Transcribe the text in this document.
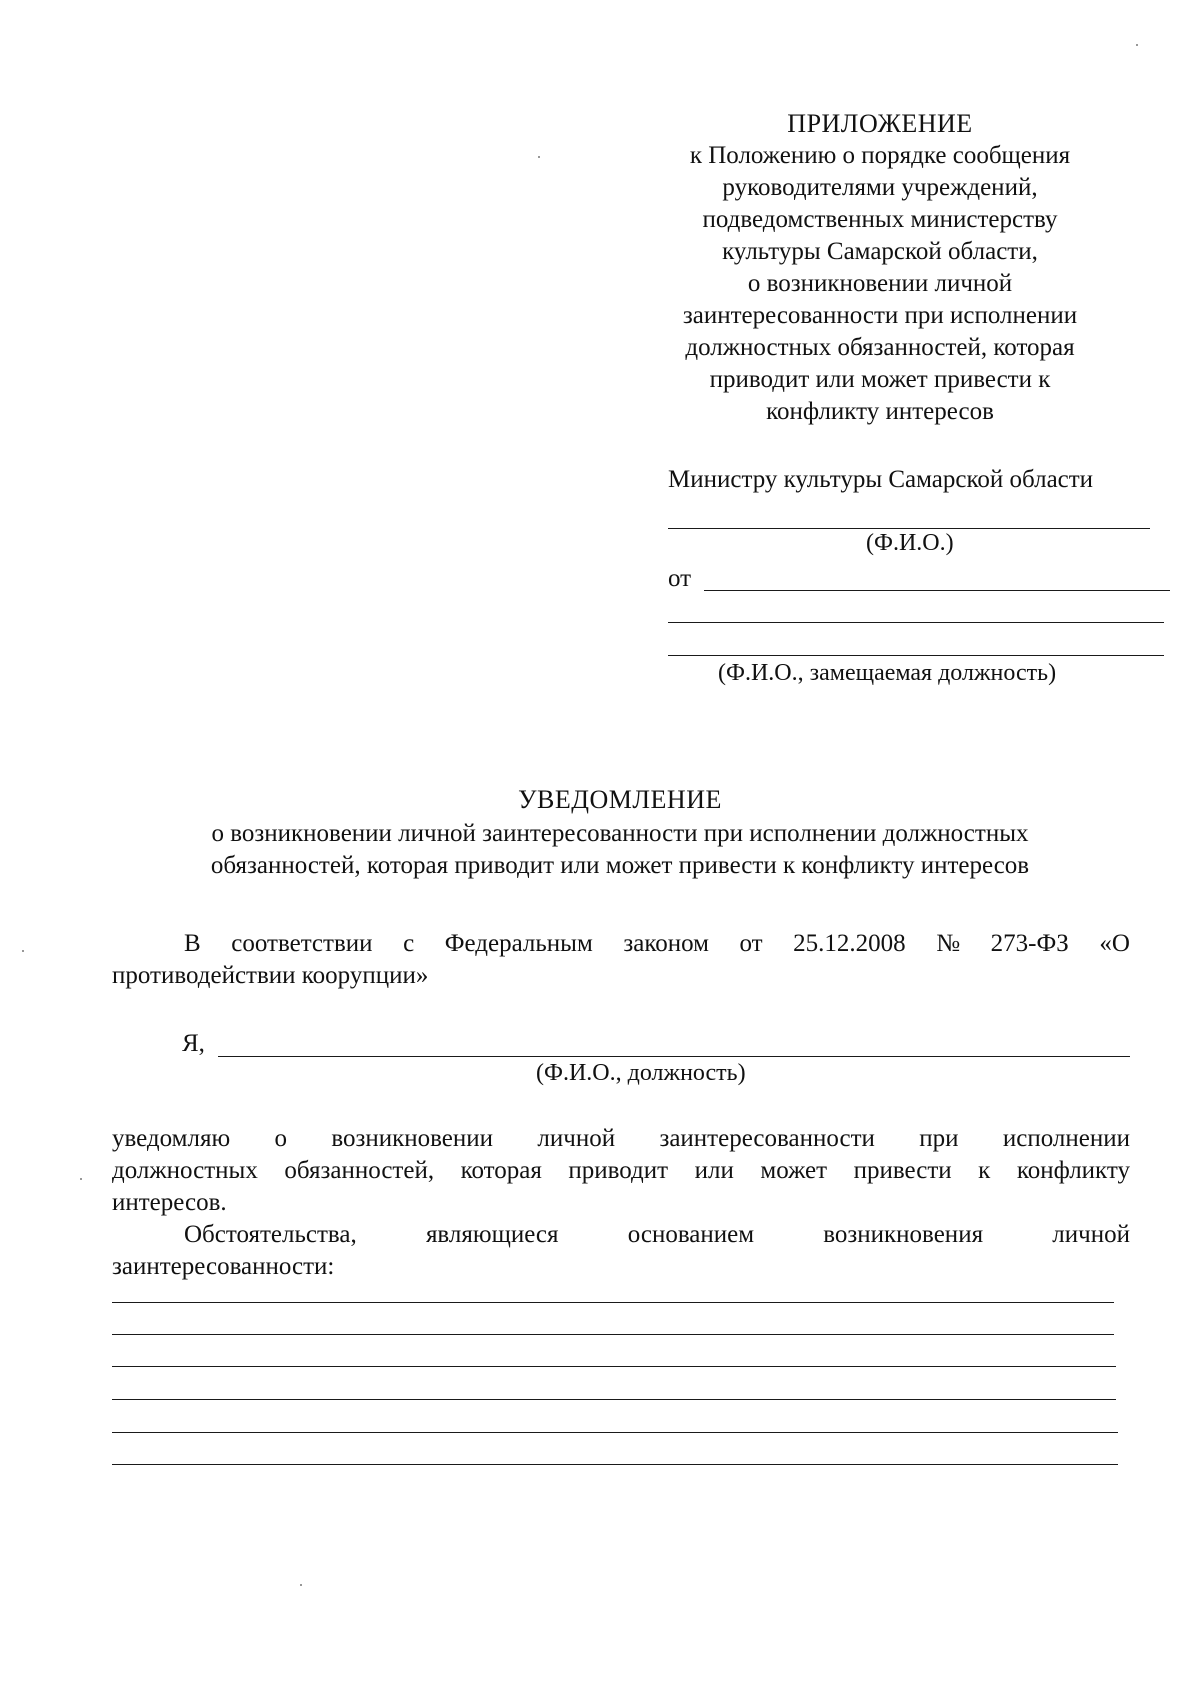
ПРИЛОЖЕНИЕ
к Положению о порядке сообщения
руководителями учреждений,
подведомственных министерству
культуры Самарской области,
о возникновении личной
заинтересованности при исполнении
должностных обязанностей, которая
приводит или может привести к
конфликту интересов
Министру культуры Самарской области
(Ф.И.О.)
от
(Ф.И.О., замещаемая должность)
УВЕДОМЛЕНИЕ
о возникновении личной заинтересованности при исполнении должностных
обязанностей, которая приводит или может привести к конфликту интересов
В соответствии с Федеральным законом от 25.12.2008 № 273-ФЗ «О
противодействии коорупции»
Я,
(Ф.И.О., должность)
уведомляю о возникновении личной заинтересованности при исполнении
должностных обязанностей, которая приводит или может привести к конфликту
интересов.
Обстоятельства,	являющиеся	основанием	возникновения	личной
заинтересованности:
